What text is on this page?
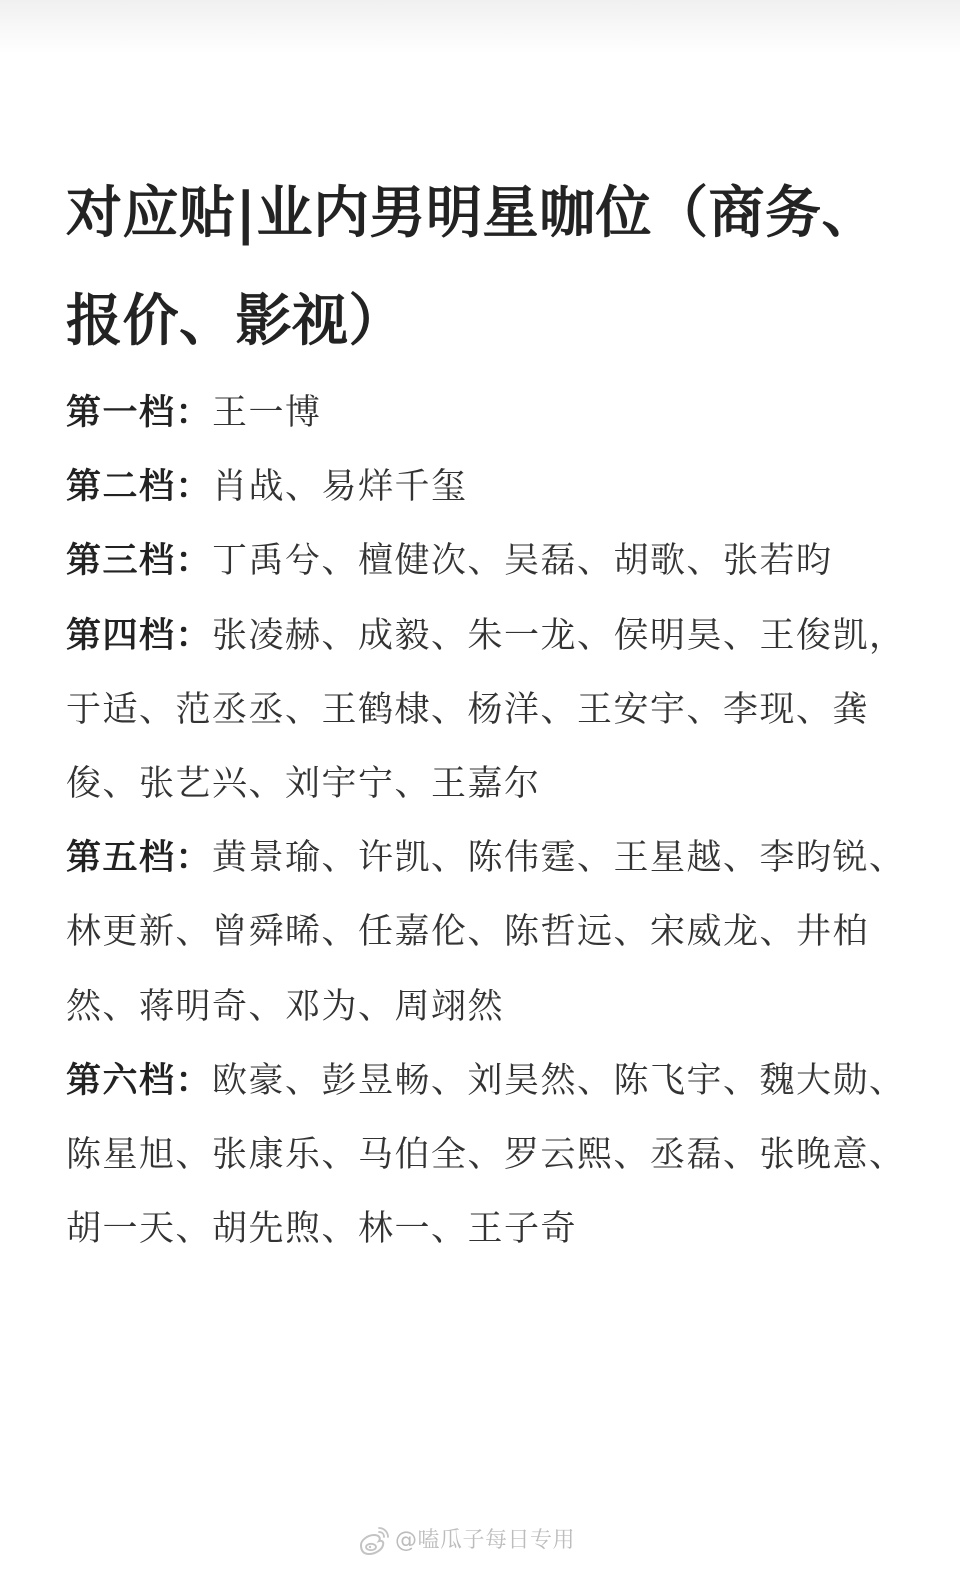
对应贴|业内男明星咖位（商务、报价、影视）

第一档：王一博

第二档：肖战、易烊千玺

第三档：丁禹兮、檀健次、吴磊、胡歌、张若昀

第四档：张凌赫、成毅、朱一龙、侯明昊、王俊凯，于适、范丞丞、王鹤棣、杨洋、王安宇、李现、龚俊、张艺兴、刘宇宁、王嘉尔

第五档：黄景瑜、许凯、陈伟霆、王星越、李昀锐、林更新、曾舜晞、任嘉伦、陈哲远、宋威龙、井柏然、蒋明奇、邓为、周翊然

第六档：欧豪、彭昱畅、刘昊然、陈飞宇、魏大勋、陈星旭、张康乐、马伯全、罗云熙、丞磊、张晚意、胡一天、胡先煦、林一、王子奇

@嗑瓜子每日专用
